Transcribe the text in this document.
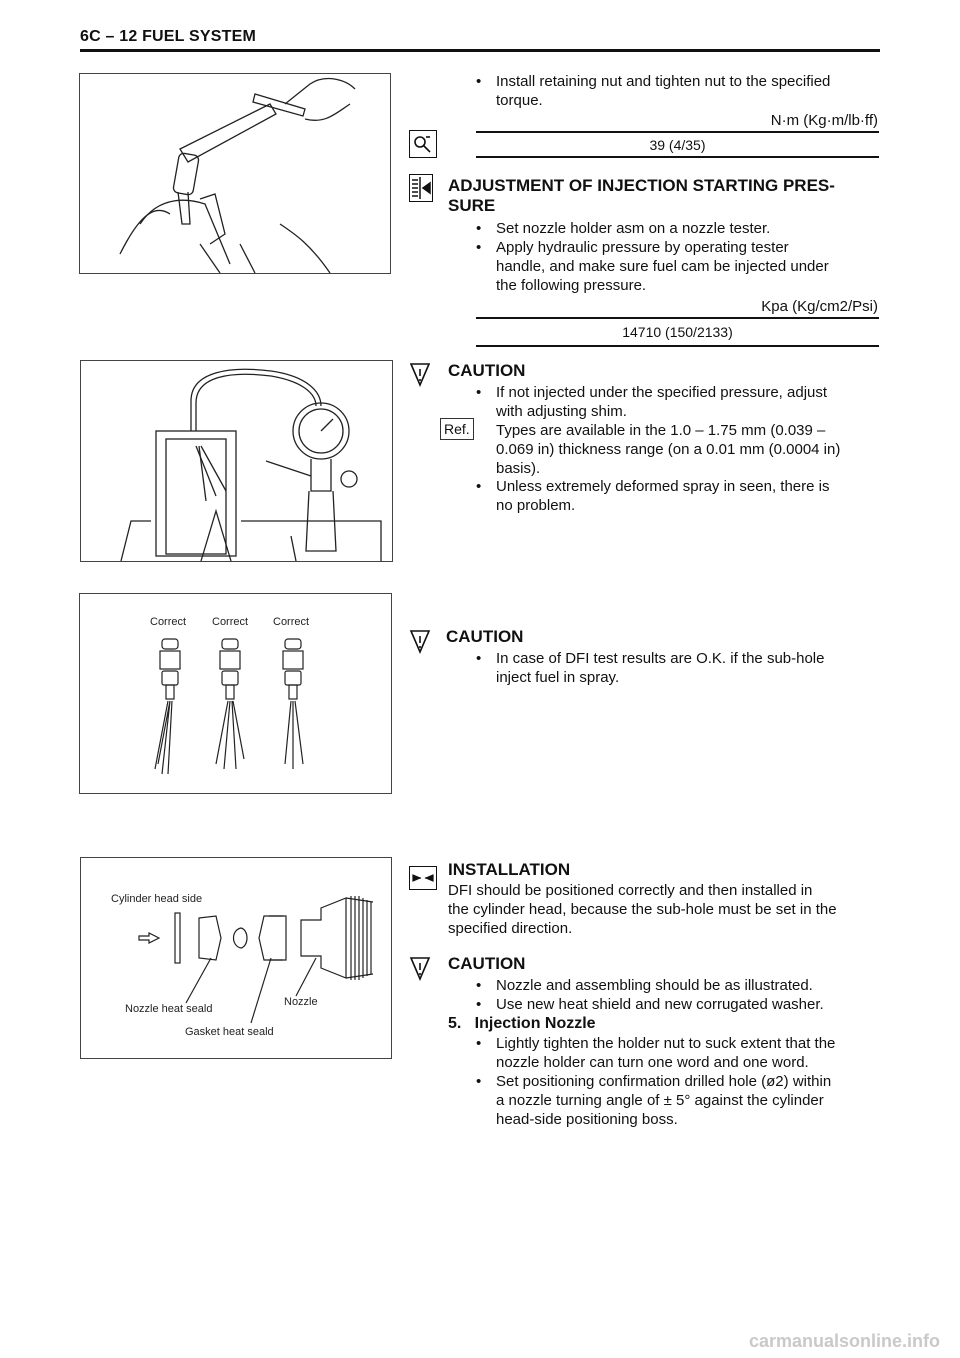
6C – 12 FUEL SYSTEM
• Install retaining nut and tighten nut to the specified
torque.
N·m (Kg·m/lb·ff)
39 (4/35)
ADJUSTMENT OF INJECTION STARTING PRES-
SURE
• Set nozzle holder asm on a nozzle tester.
• Apply hydraulic pressure by operating tester
handle, and make sure fuel cam be injected under
the following pressure.
Kpa (Kg/cm2/Psi)
14710 (150/2133)
CAUTION
• If not injected under the specified pressure, adjust
with adjusting shim.
Ref. Types are available in the 1.0 – 1.75 mm (0.039 –
0.069 in) thickness range (on a 0.01 mm (0.0004 in)
basis).
• Unless extremely deformed spray in seen, there is
no problem.
Correct Correct Correct
CAUTION
• In case of DFI test results are O.K. if the sub-hole
inject fuel in spray.
Cylinder head side
Nozzle heat seald
Nozzle
Gasket heat seald
INSTALLATION
DFI should be positioned correctly and then installed in
the cylinder head, because the sub-hole must be set in the
specified direction.
CAUTION
• Nozzle and assembling should be as illustrated.
• Use new heat shield and new corrugated washer.
5.   Injection Nozzle
• Lightly tighten the holder nut to suck extent that the
nozzle holder can turn one word and one word.
• Set positioning confirmation drilled hole (ø2) within
a nozzle turning angle of ± 5° against the cylinder
head-side positioning boss.
carmanualsonline.info
